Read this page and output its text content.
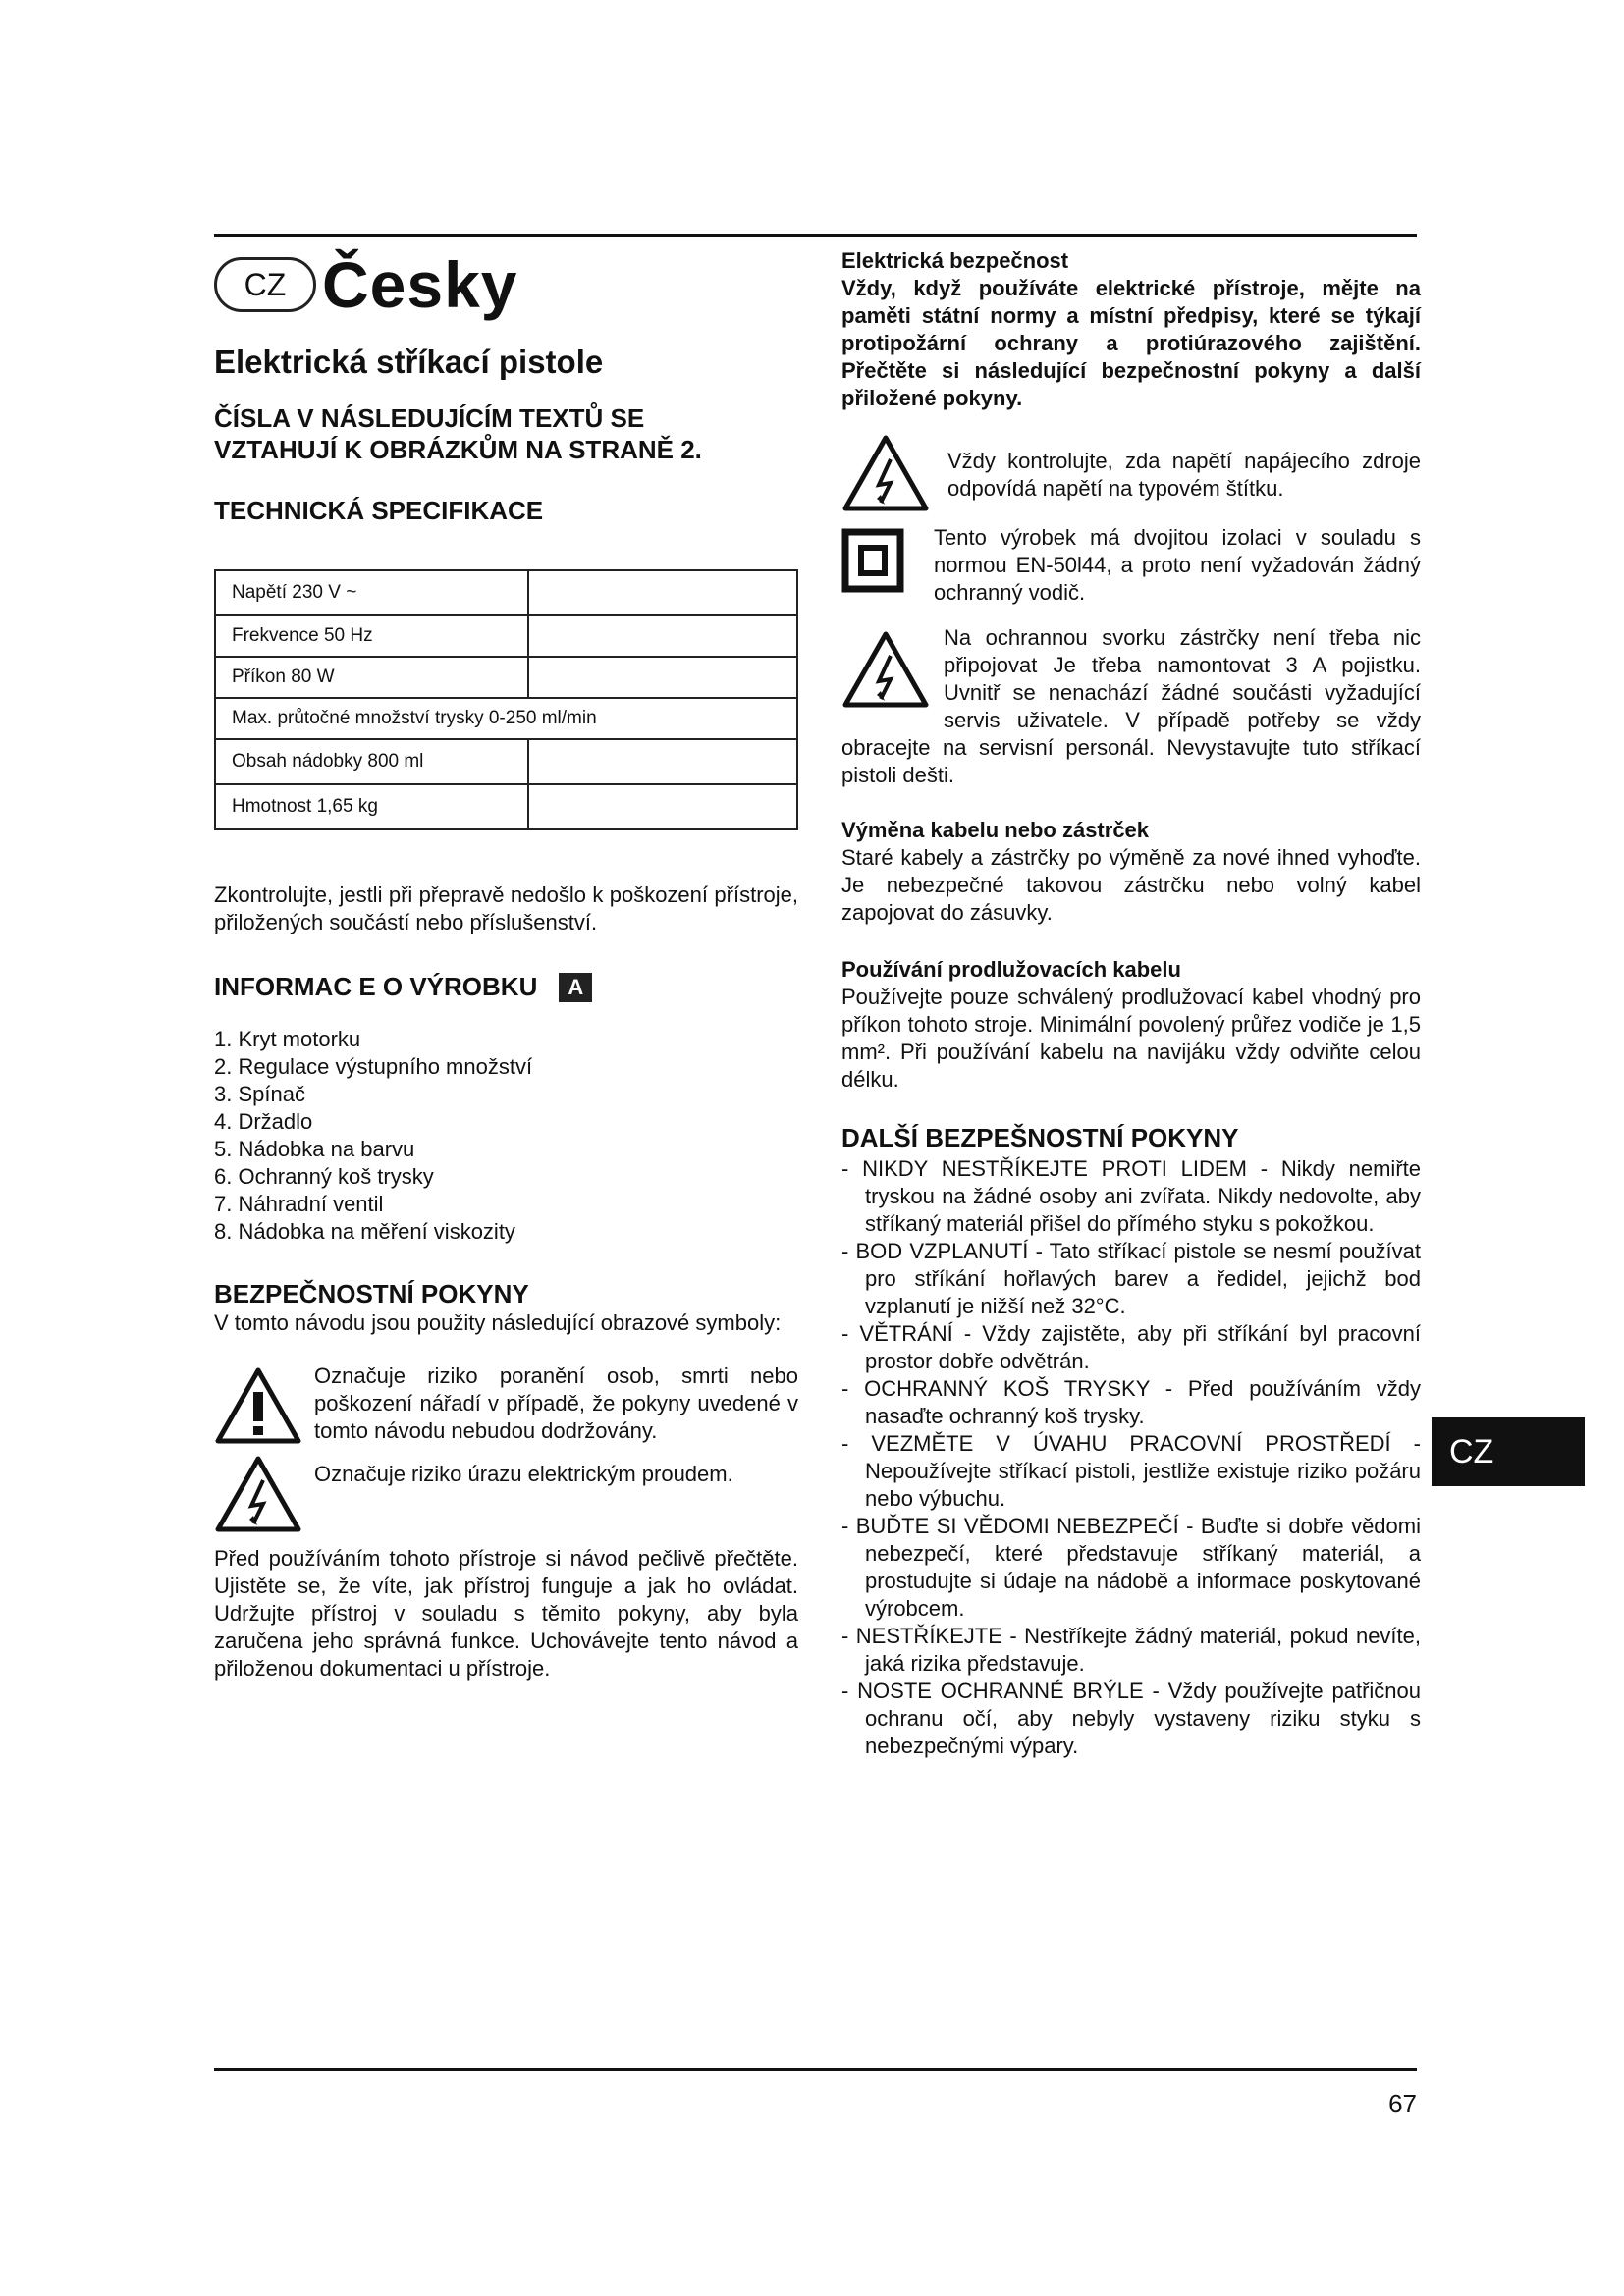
CZ Česky
Elektrická stříkací pistole
ČÍSLA V NÁSLEDUJÍCÍM TEXTŮ SE
VZTAHUJÍ K OBRÁZKŮM NA STRANĚ 2.
TECHNICKÁ SPECIFIKACE
Napětí 230 V ~	
Frekvence 50 Hz	
Příkon 80 W	
Max. průtočné množství trysky 0-250 ml/min	
Obsah nádobky 800 ml	
Hmotnost 1,65 kg	

Zkontrolujte, jestli při přepravě nedošlo k poškození přístroje, přiložených součástí nebo příslušenství.

INFORMAC E O VÝROBKU	A
1. Kryt motorku
2. Regulace výstupního množství
3. Spínač
4. Držadlo
5. Nádobka na barvu
6. Ochranný koš trysky
7. Náhradní ventil
8. Nádobka na měření viskozity
BEZPEČNOSTNÍ POKYNY

V tomto návodu jsou použity následující obrazové symboly:

Označuje riziko poranění osob, smrti nebo poškození nářadí v případě, že pokyny uvedené v tomto návodu nebudou dodržovány.

Označuje riziko úrazu elektrickým proudem.

Před používáním tohoto přístroje si návod pečlivě přečtěte. Ujistěte se, že víte, jak přístroj funguje a jak ho ovládat. Udržujte přístroj v souladu s těmito pokyny, aby byla zaručena jeho správná funkce. Uchovávejte tento návod a přiloženou dokumentaci u přístroje.

Elektrická bezpečnost

Vždy, když používáte elektrické přístroje, mějte na paměti státní normy a místní předpisy, které se týkají protipožární ochrany a protiúrazového zajištění. Přečtěte si následující bezpečnostní pokyny a další přiložené pokyny.

Vždy kontrolujte, zda napětí napájecího zdroje odpovídá napětí na typovém štítku.

Tento výrobek má dvojitou izolaci v souladu s normou EN-50l44, a proto není vyžadován žádný ochranný vodič.

Na ochrannou svorku zástrčky není třeba nic připojovat Je třeba namontovat 3 A pojistku. Uvnitř se nenachází žádné součásti vyžadující servis uživatele. V případě potřeby se vždy obracejte na servisní personál. Nevystavujte tuto stříkací pistoli dešti.

Výměna kabelu nebo zástrček

Staré kabely a zástrčky po výměně za nové ihned vyhoďte. Je nebezpečné takovou zástrčku nebo volný kabel zapojovat do zásuvky.

Používání prodlužovacích kabelu

Používejte pouze schválený prodlužovací kabel vhodný pro příkon tohoto stroje. Minimální povolený průřez vodiče je 1,5 mm². Při používání kabelu na navijáku vždy odviňte celou délku.

DALŠÍ BEZPEŠNOSTNÍ POKYNY
- NIKDY NESTŘÍKEJTE PROTI LIDEM - Nikdy nemiřte tryskou na žádné osoby ani zvířata. Nikdy nedovolte, aby stříkaný materiál přišel do přímého styku s pokožkou.
- BOD VZPLANUTÍ - Tato stříkací pistole se nesmí používat pro stříkání hořlavých barev a ředidel, jejichž bod vzplanutí je nižší než 32°C.
- VĚTRÁNÍ - Vždy zajistěte, aby při stříkání byl pracovní prostor dobře odvětrán.
- OCHRANNÝ KOŠ TRYSKY - Před používáním vždy nasaďte ochranný koš trysky.
- VEZMĚTE V ÚVAHU PRACOVNÍ PROSTŘEDÍ -Nepoužívejte stříkací pistoli, jestliže existuje riziko požáru nebo výbuchu.
- BUĎTE SI VĚDOMI NEBEZPEČÍ - Buďte si dobře vědomi nebezpečí, které představuje stříkaný materiál, a prostudujte si údaje na nádobě a informace poskytované výrobcem.
- NESTŘÍKEJTE - Nestříkejte žádný materiál, pokud nevíte, jaká rizika představuje.
- NOSTE OCHRANNÉ BRÝLE - Vždy používejte patřičnou ochranu očí, aby nebyly vystaveny riziku styku s nebezpečnými výpary.
CZ
67
